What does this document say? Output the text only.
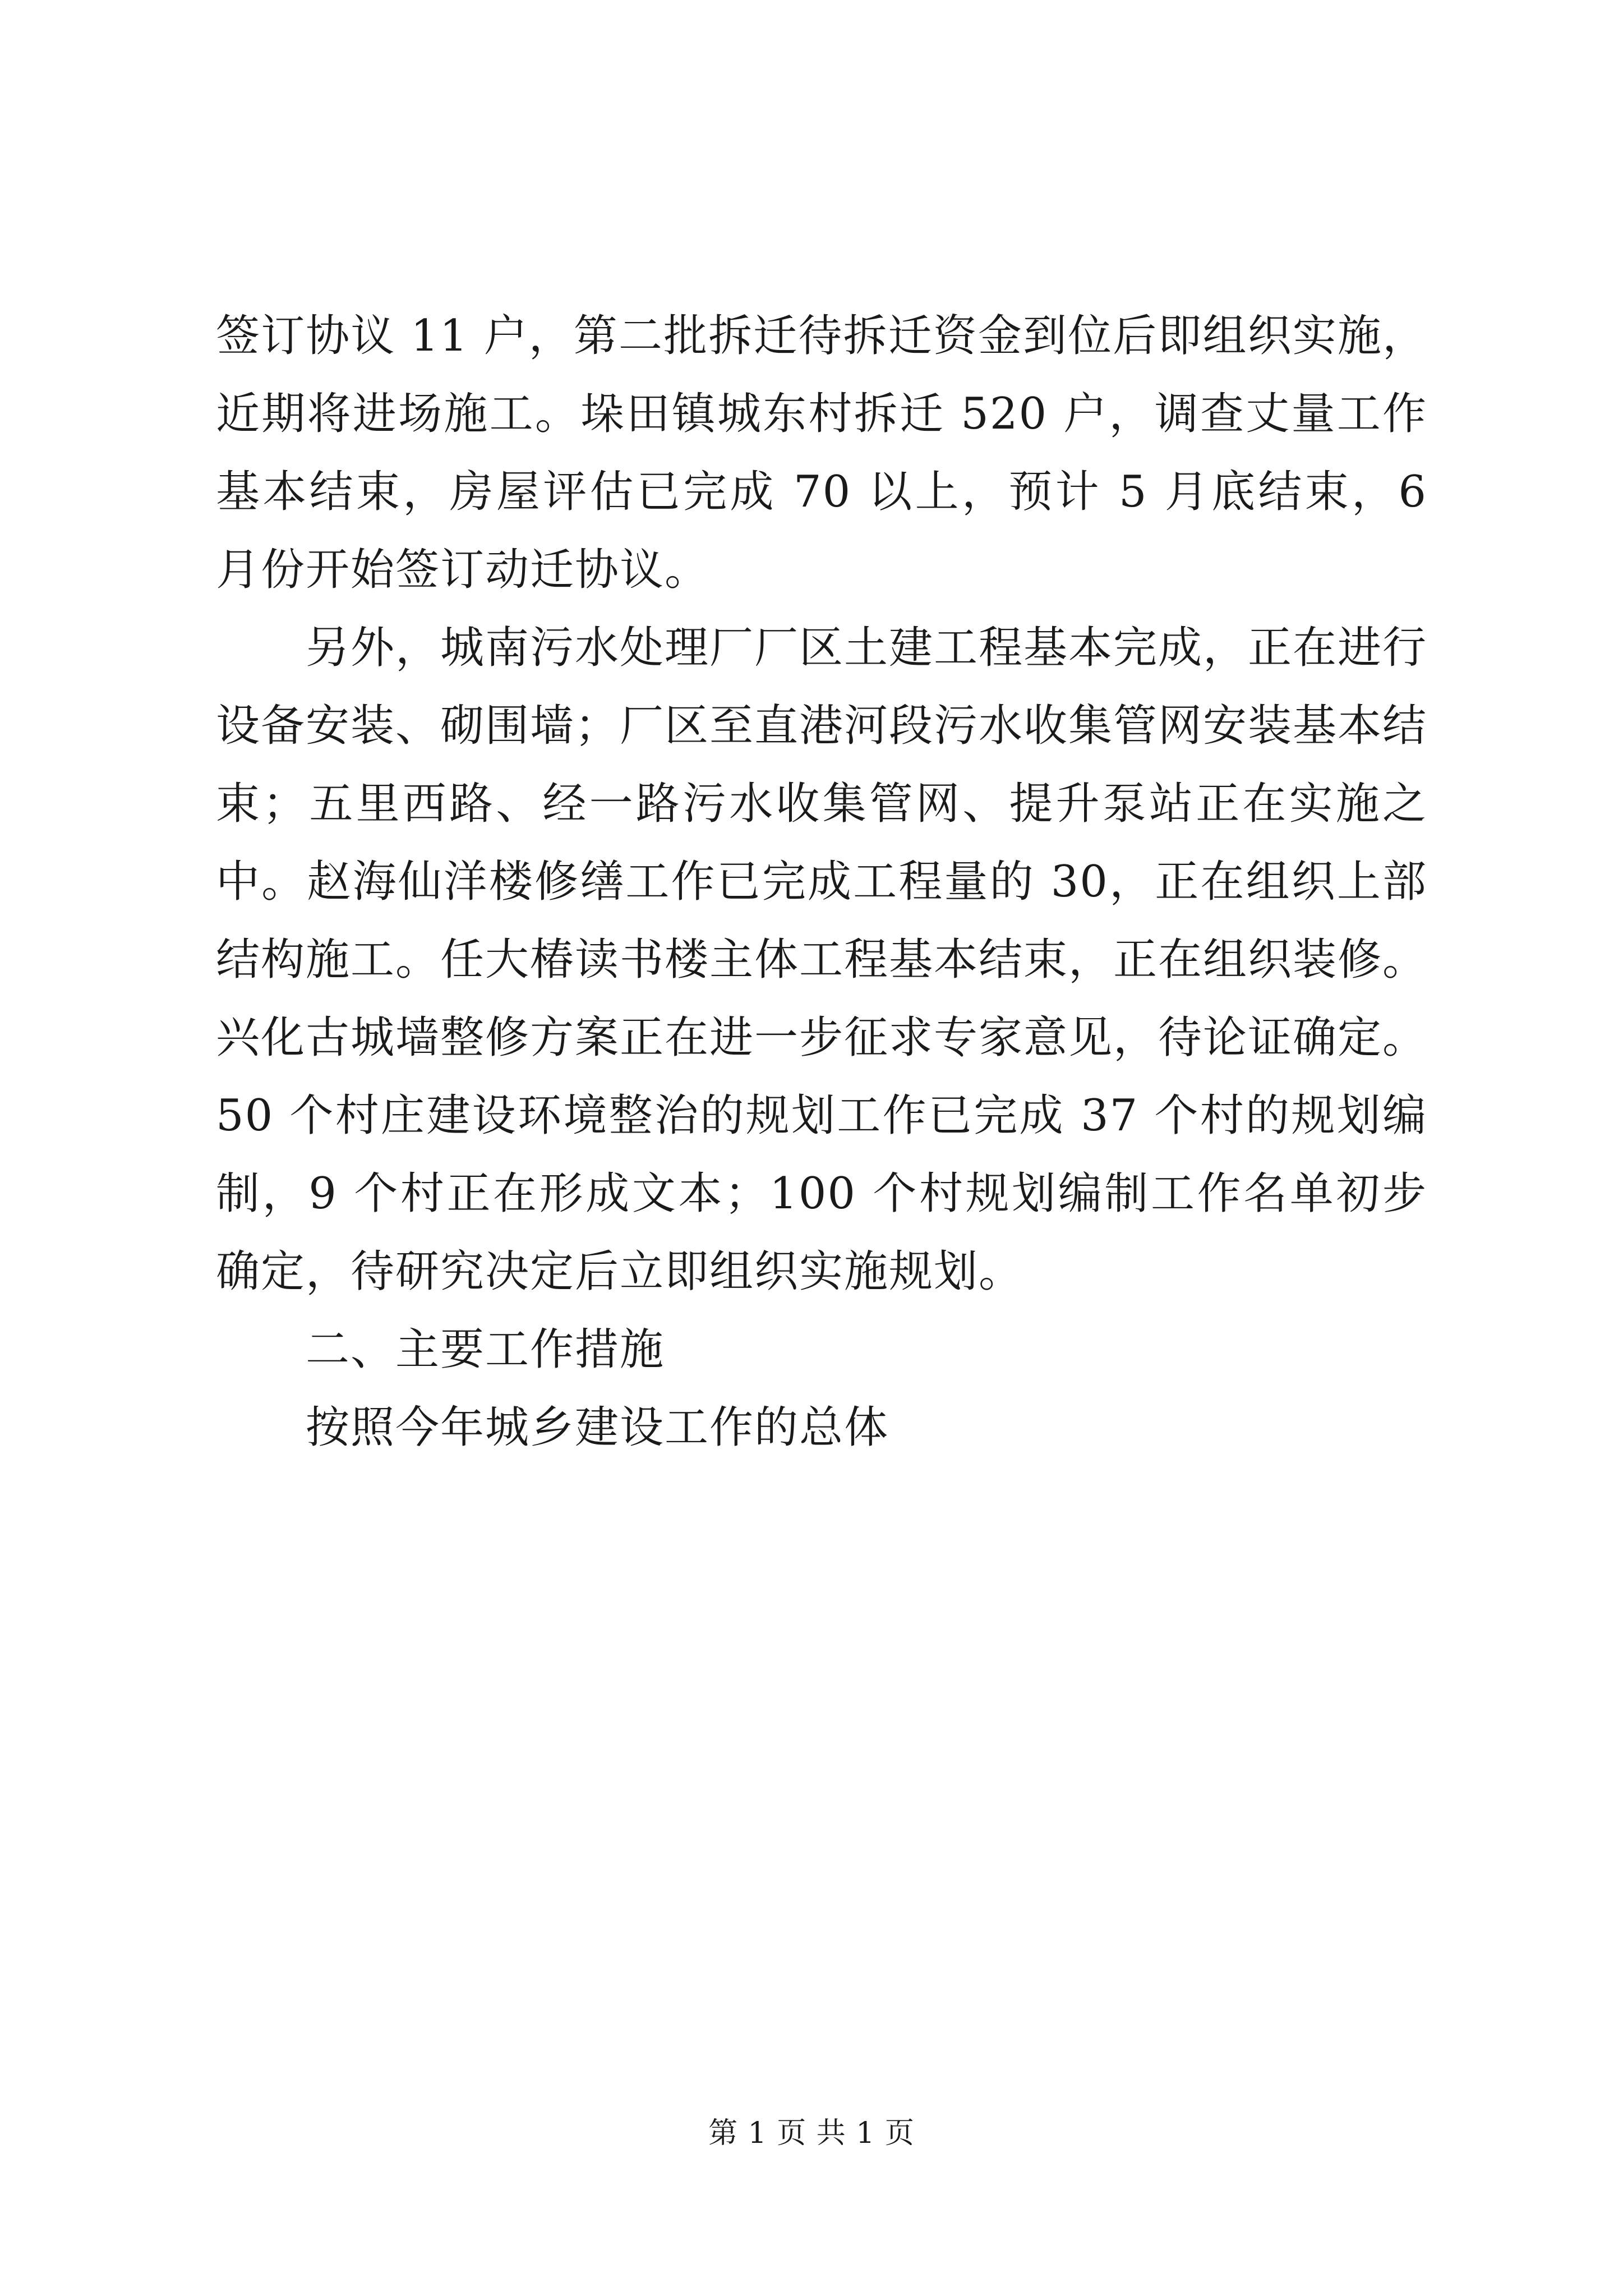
签订协议 11 户，第二批拆迁待拆迁资金到位后即组织实施，近期将进场施工。垛田镇城东村拆迁 520 户，调查丈量工作基本结束，房屋评估已完成 70 以上，预计 5 月底结束，6 月份开始签订动迁协议。

另外，城南污水处理厂厂区土建工程基本完成，正在进行设备安装、砌围墙；厂区至直港河段污水收集管网安装基本结束；五里西路、经一路污水收集管网、提升泵站正在实施之中。赵海仙洋楼修缮工作已完成工程量的 30，正在组织上部结构施工。任大椿读书楼主体工程基本结束，正在组织装修。兴化古城墙整修方案正在进一步征求专家意见，待论证确定。50 个村庄建设环境整治的规划工作已完成 37 个村的规划编制，9 个村正在形成文本；100 个村规划编制工作名单初步确定，待研究决定后立即组织实施规划。

二、主要工作措施

按照今年城乡建设工作的总体

第 1 页 共 1 页
